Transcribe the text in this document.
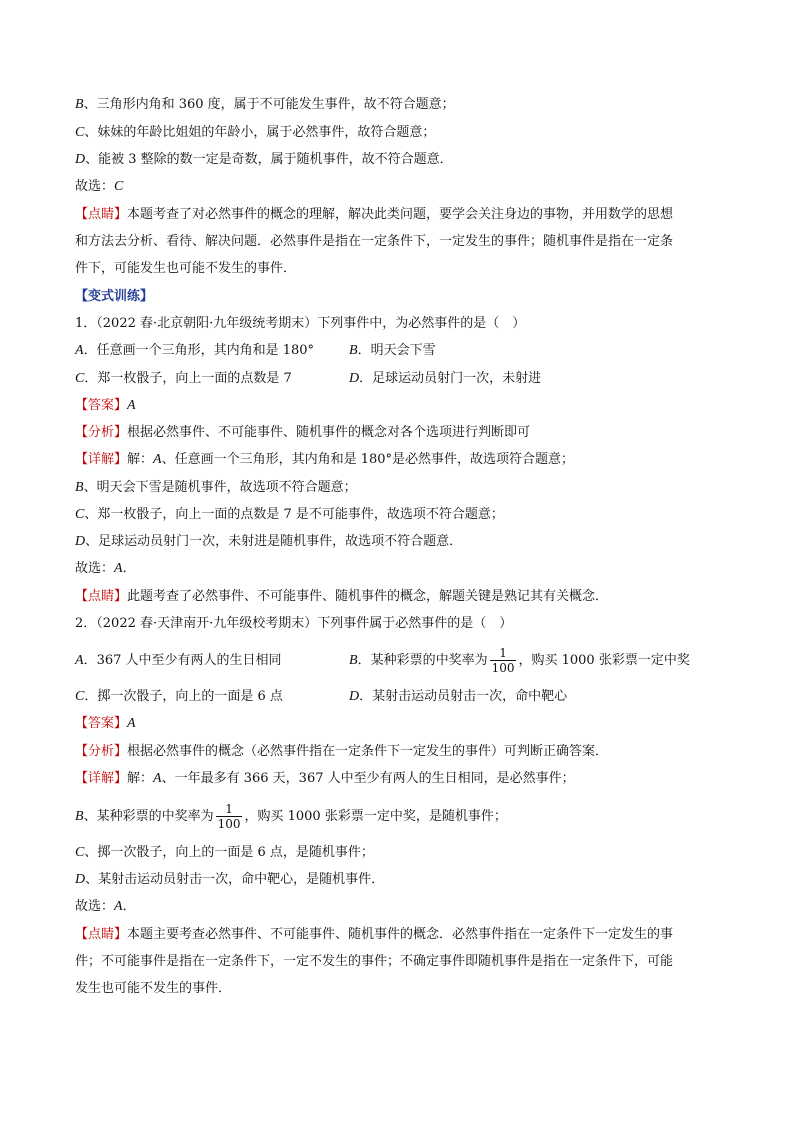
B、三角形内角和 360 度，属于不可能发生事件，故不符合题意；
C、妹妹的年龄比姐姐的年龄小，属于必然事件，故符合题意；
D、能被 3 整除的数一定是奇数，属于随机事件，故不符合题意．
故选：C
【点睛】本题考查了对必然事件的概念的理解，解决此类问题，要学会关注身边的事物，并用数学的思想
和方法去分析、看待、解决问题．必然事件是指在一定条件下，一定发生的事件；随机事件是指在一定条
件下，可能发生也可能不发生的事件．
【变式训练】
1．（2022 春·北京朝阳·九年级统考期末）下列事件中，为必然事件的是（　）
A．任意画一个三角形，其内角和是 180° B．明天会下雪
C．郑一枚骰子，向上一面的点数是 7	D．足球运动员射门一次，未射进
【答案】A
【分析】根据必然事件、不可能事件、随机事件的概念对各个选项进行判断即可
【详解】解：A、任意画一个三角形，其内角和是 180°是必然事件，故选项符合题意；
B、明天会下雪是随机事件，故选项不符合题意；
C、郑一枚骰子，向上一面的点数是 7 是不可能事件，故选项不符合题意；
D、足球运动员射门一次，未射进是随机事件，故选项不符合题意．
故选：A．
【点睛】此题考查了必然事件、不可能事件、随机事件的概念，解题关键是熟记其有关概念．
2．（2022 春·天津南开·九年级校考期末）下列事件属于必然事件的是（　）
A．367 人中至少有两人的生日相同	B．某种彩票的中奖率为 $\frac{1}{100}$ ，购买 1000 张彩票一定中奖
C．掷一次骰子，向上的一面是 6 点	D．某射击运动员射击一次，命中靶心
【答案】A
【分析】根据必然事件的概念（必然事件指在一定条件下一定发生的事件）可判断正确答案．
【详解】解：A、一年最多有 366 天，367 人中至少有两人的生日相同，是必然事件；
B、某种彩票的中奖率为 $\frac{1}{100}$ ，购买 1000 张彩票一定中奖，是随机事件；
C、掷一次骰子，向上的一面是 6 点，是随机事件；
D、某射击运动员射击一次，命中靶心，是随机事件．
故选：A．
【点睛】本题主要考查必然事件、不可能事件、随机事件的概念．必然事件指在一定条件下一定发生的事
件；不可能事件是指在一定条件下，一定不发生的事件；不确定事件即随机事件是指在一定条件下，可能
发生也可能不发生的事件．
